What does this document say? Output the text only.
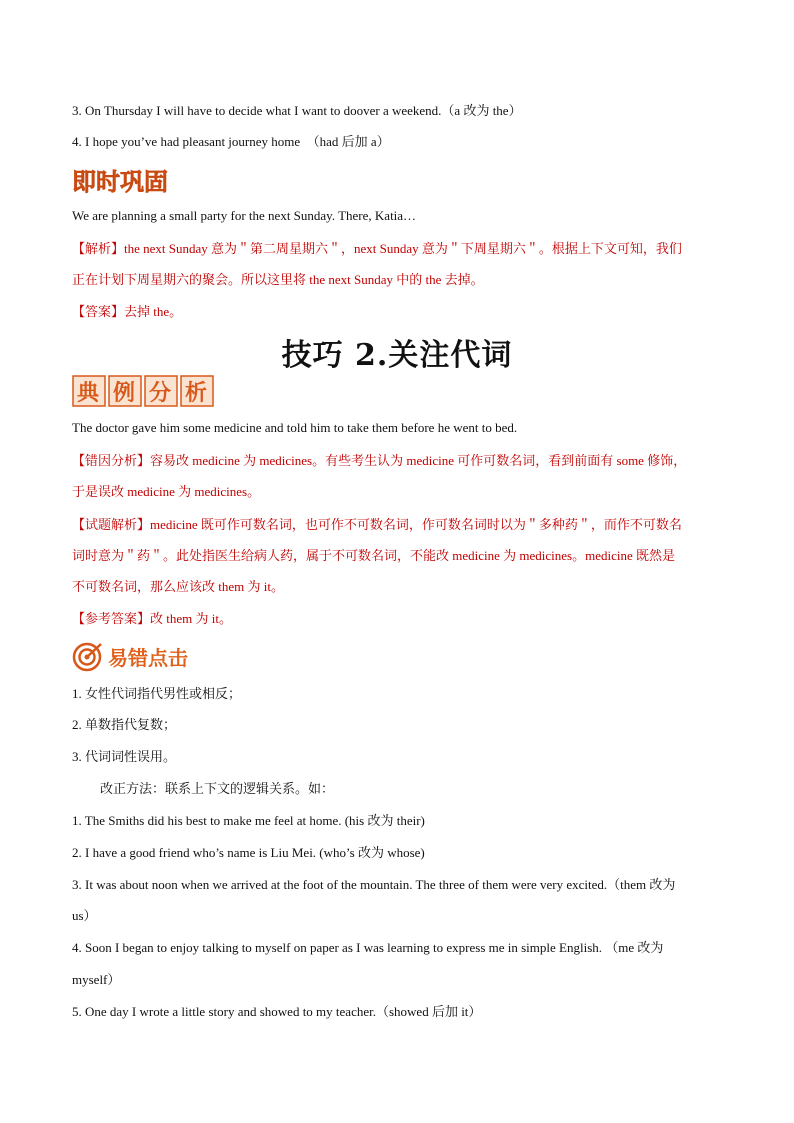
3. On Thursday I will have to decide what I want to doover a weekend.（a 改为 the）
4. I hope you’ve had pleasant journey home　（had 后加 a）
即时巩固
We are planning a small party for the next Sunday. There, Katia…
【解析】the next Sunday 意为＂第二周星期六＂，next Sunday 意为＂下周星期六＂。根据上下文可知，我们
正在计划下周星期六的聚会。所以这里将 the next Sunday 中的 the 去掉。
【答案】去掉 the。
技巧 2.关注代词
典 例 分 析
The doctor gave him some medicine and told him to take them before he went to bed.
【错因分析】容易改 medicine 为 medicines。有些考生认为 medicine 可作可数名词，看到前面有 some 修饰，
于是误改 medicine 为 medicines。
【试题解析】medicine 既可作可数名词，也可作不可数名词，作可数名词时以为＂多种药＂，而作不可数名
词时意为＂药＂。此处指医生给病人药，属于不可数名词，不能改 medicine 为 medicines。medicine 既然是
不可数名词，那么应该改 them 为 it。
【参考答案】改 them 为 it。
易错点击
1. 女性代词指代男性或相反；
2. 单数指代复数；
3. 代词词性误用。
改正方法：联系上下文的逻辑关系。如：
1. The Smiths did his best to make me feel at home. (his 改为 their)
2. I have a good friend who’s name is Liu Mei. (who’s 改为 whose)
3. It was about noon when we arrived at the foot of the mountain. The three of them were very excited.（them 改为
us）
4. Soon I began to enjoy talking to myself on paper as I was learning to express me in simple English. （me 改为
myself）
5. One day I wrote a little story and showed to my teacher.（showed 后加 it）
